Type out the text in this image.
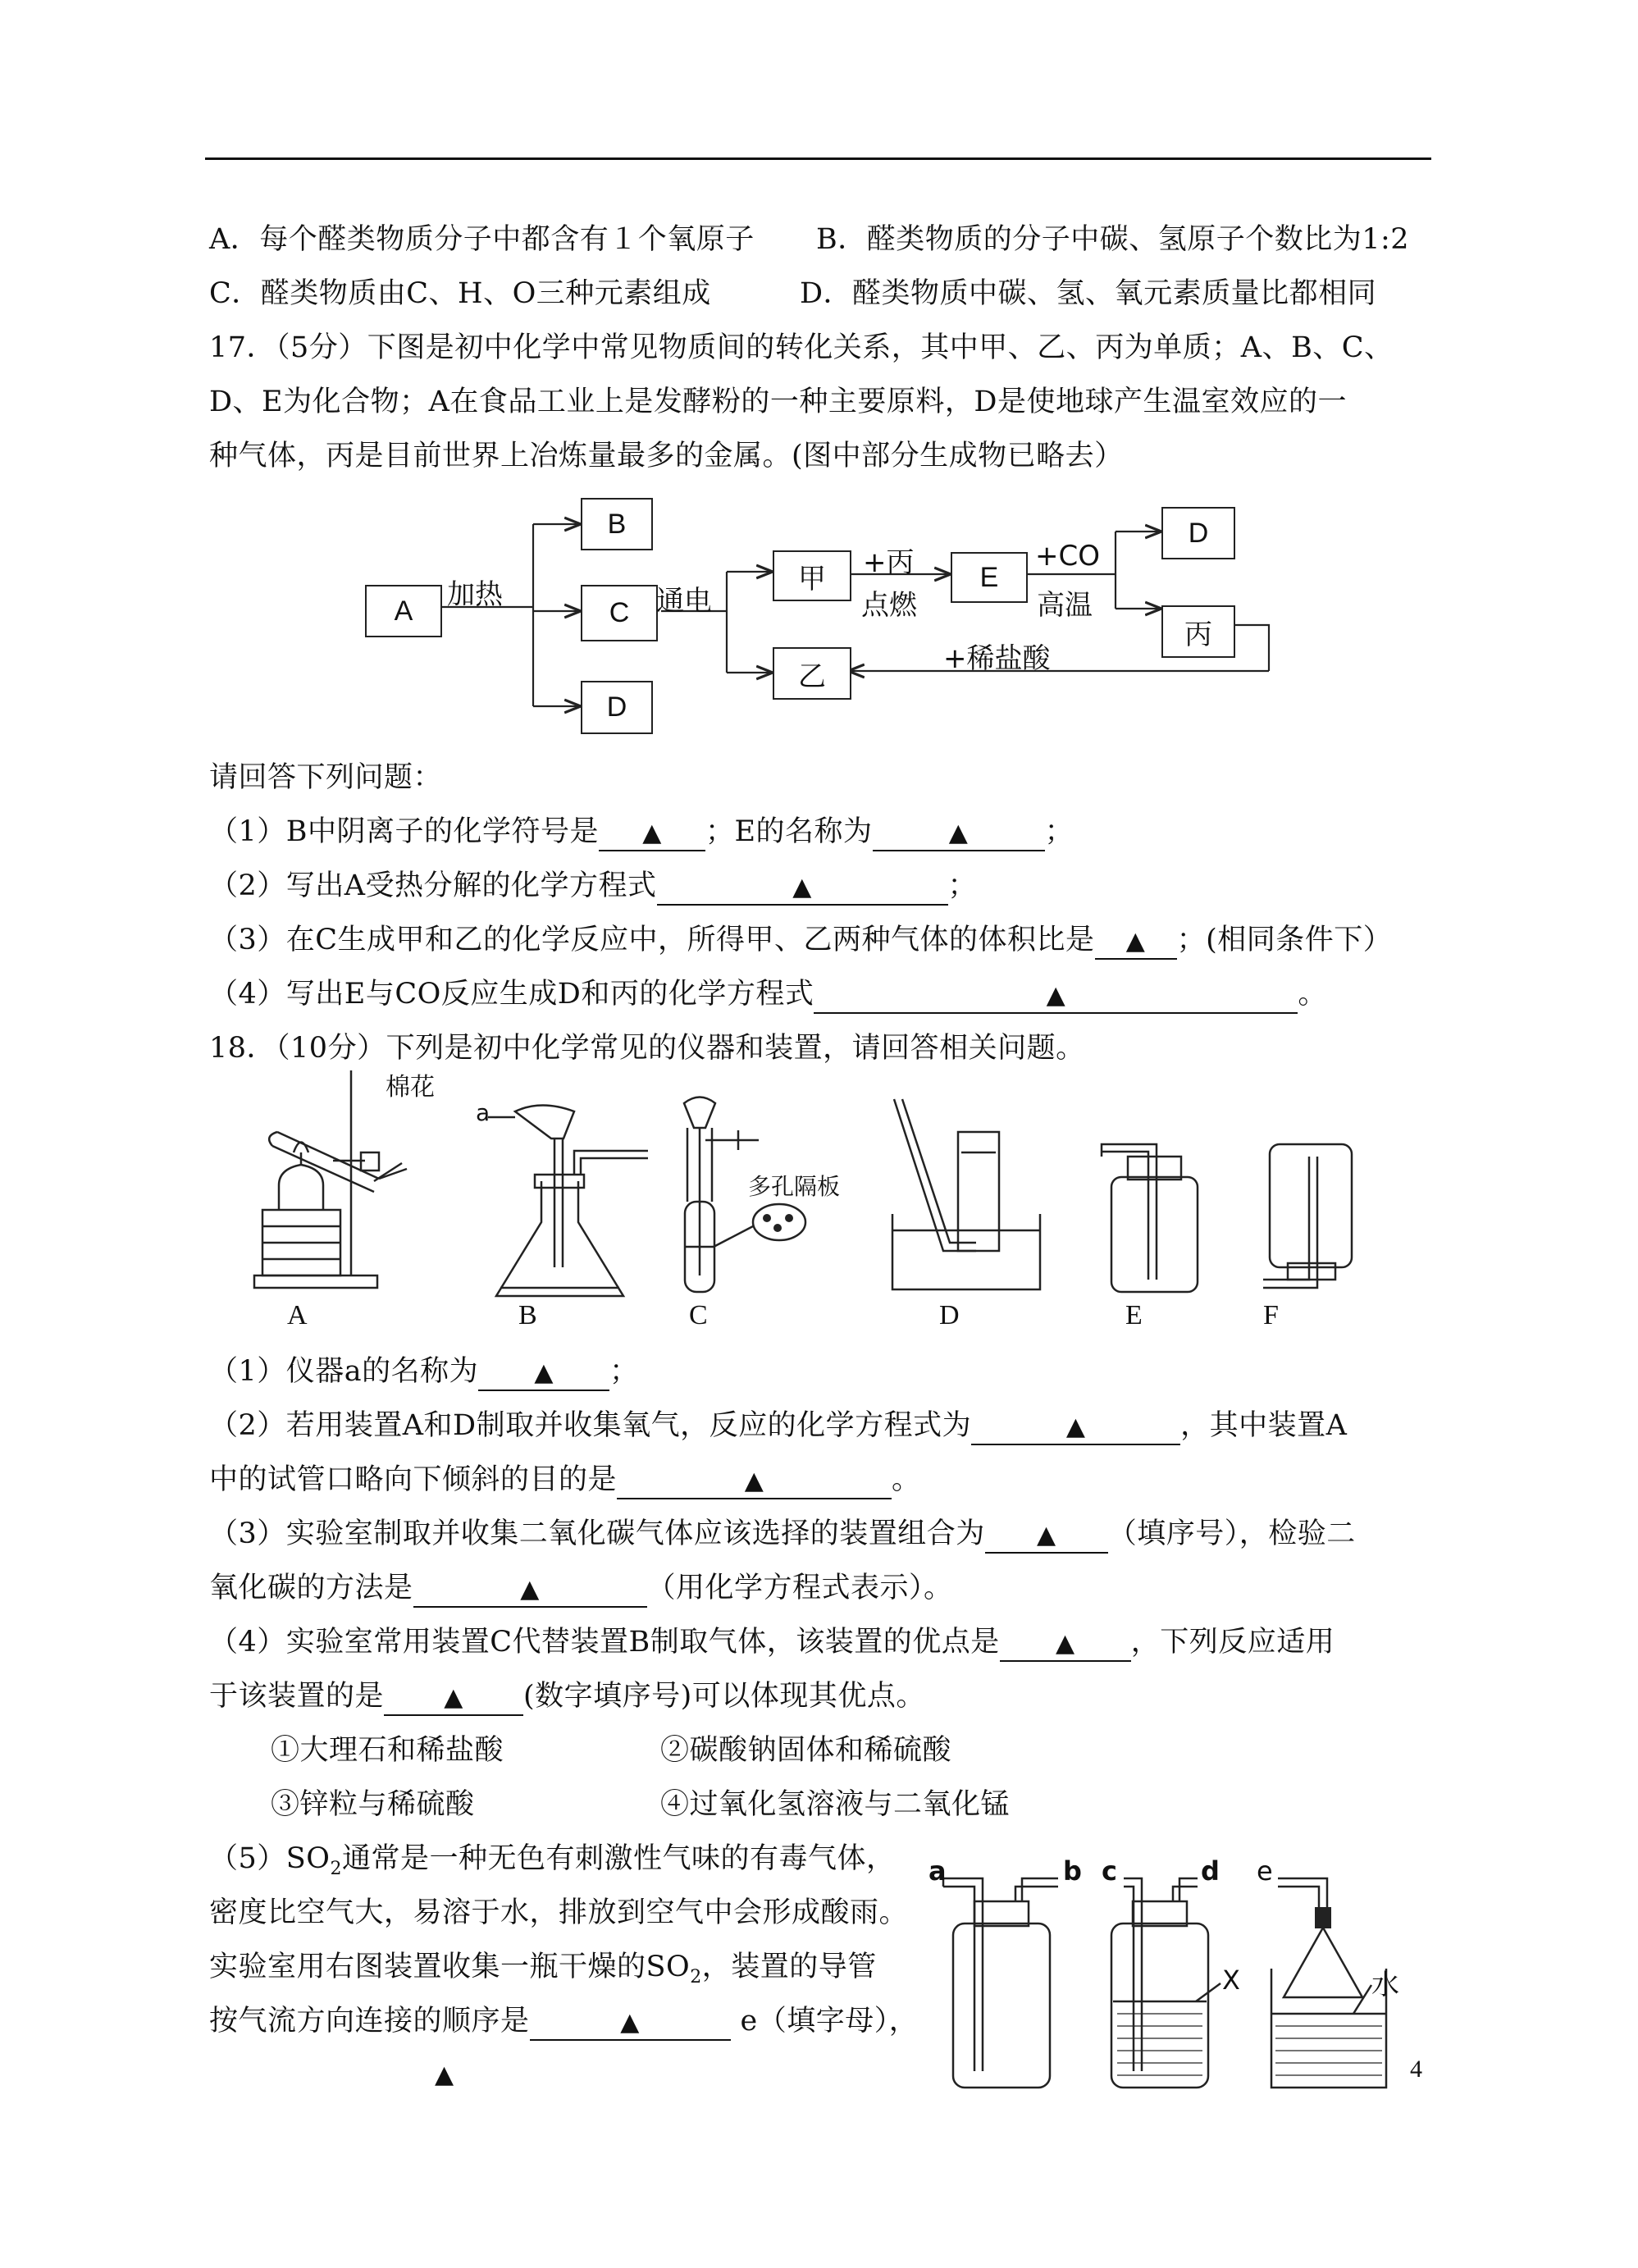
A．每个醛类物质分子中都含有１个氧原子 B．醛类物质的分子中碳、氢原子个数比为1:2
C．醛类物质由C、H、O三种元素组成	D．醛类物质中碳、氢、氧元素质量比都相同
17．（5分）下图是初中化学中常见物质间的转化关系，其中甲、乙、丙为单质；A、B、C、
D、E为化合物；A在食品工业上是发酵粉的一种主要原料，D是使地球产生温室效应的一
种气体，丙是目前世界上冶炼量最多的金属。(图中部分生成物已略去）
A
B
C
D
甲
乙
E
D
丙
加热	通电
+丙
点燃
+CO
高温
+稀盐酸
请回答下列问题：
（1）B中阴离子的化学符号是 ▲ ；E的名称为	▲	；
（2）写出A受热分解的化学方程式	▲	；
（3）在C生成甲和乙的化学反应中，所得甲、乙两种气体的体积比是 ▲ ；(相同条件下）
（4）写出E与CO反应生成D和丙的化学方程式	▲	。
18．（10分）下列是初中化学常见的仪器和装置，请回答相关问题。
棉花
a
多孔隔板
A	B	C	D	E	F
（1）仪器a的名称为 ▲ ；
（2）若用装置A和D制取并收集氧气，反应的化学方程式为	▲	，其中装置A
中的试管口略向下倾斜的目的是	▲	。
（3）实验室制取并收集二氧化碳气体应该选择的装置组合为 ▲ （填序号），检验二
氧化碳的方法是	▲	（用化学方程式表示）。
（4）实验室常用装置C代替装置B制取气体，该装置的优点是 ▲ ，下列反应适用
于该装置的是 ▲ (数字填序号)可以体现其优点。
①大理石和稀盐酸	②碳酸钠固体和稀硫酸
③锌粒与稀硫酸	④过氧化氢溶液与二氧化锰
$(5)SO_2$通常是一种无色有刺激性气味的有毒气体，
密度比空气大，易溶于水，排放到空气中会形成酸雨。
实验室用右图装置收集一瓶干燥的$SO_2$，装置的导管
按气流方向连接的顺序是	▲	e（填字母），
▲
a	b c	d e
X	水
4
